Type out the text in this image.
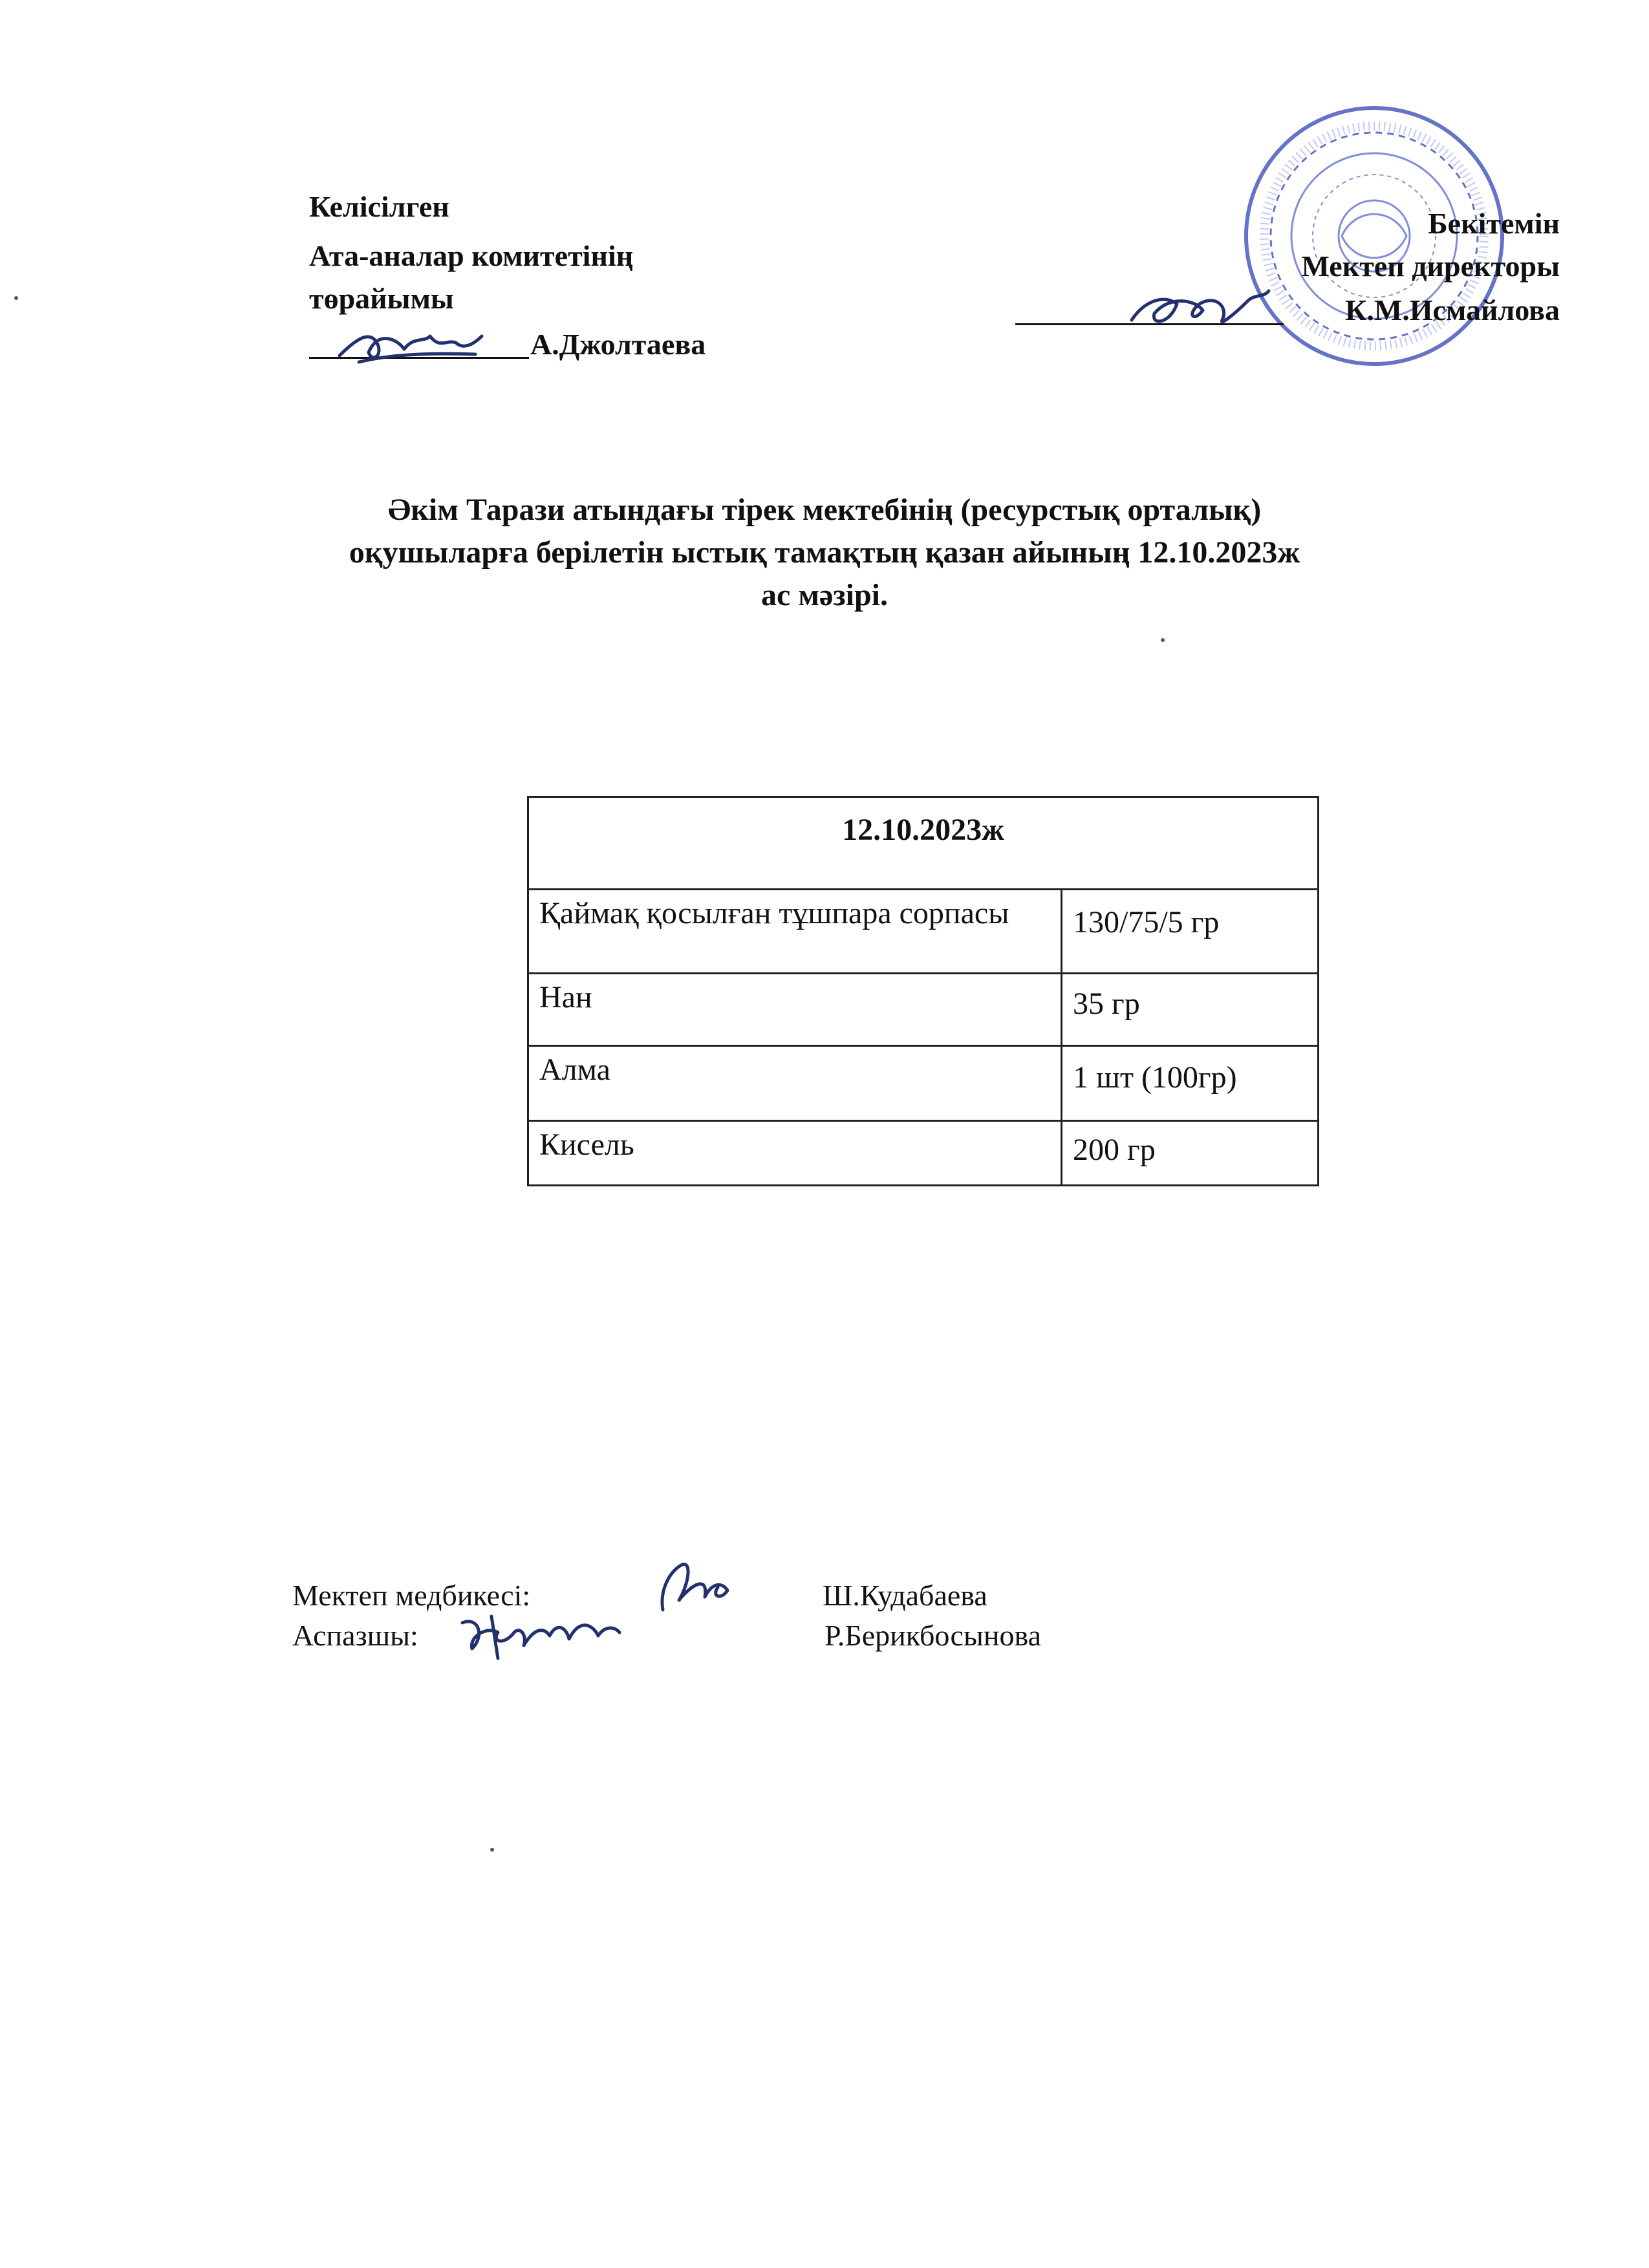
Келісілген
Ата-аналар комитетінің
төрайымы
А.Джолтаева
Бекітемін
Мектеп директоры
К.М.Исмайлова
Әкім Тарази атындағы тірек мектебінің (ресурстық орталық)
оқушыларға берілетін ыстық тамақтың қазан айының 12.10.2023ж
ас мәзірі.
12.10.2023ж	
Қаймақ қосылған тұшпара сорпасы	130/75/5 гр
Нан	35 гр
Алма	1 шт (100гр)
Кисель	200 гр
Мектеп медбикесі:	Ш.Кудабаева
Аспазшы:	Р.Берикбосынова
